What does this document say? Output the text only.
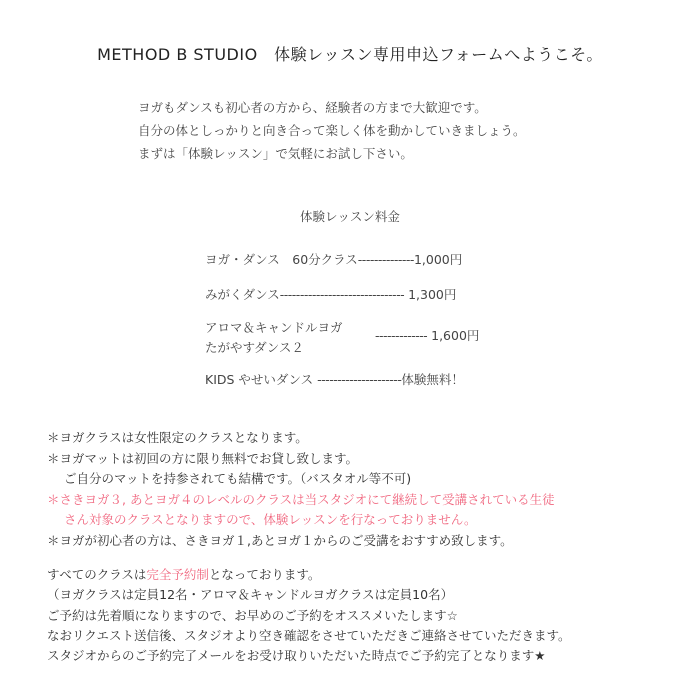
METHOD B STUDIO　体験レッスン専用申込フォームへようこそ。
ヨガもダンスも初心者の方から、経験者の方まで大歓迎です。
自分の体としっかりと向き合って楽しく体を動かしていきましょう。
まずは「体験レッスン」で気軽にお試し下さい。
体験レッスン料金
ヨガ・ダンス　60分クラス--------------1,000円
みがくダンス------------------------------- 1,300円
アロマ＆キャンドルヨガ
たがやすダンス２
------------- 1,600円
KIDS やせいダンス ---------------------体験無料！
＊ヨガクラスは女性限定のクラスとなります。
＊ヨガマットは初回の方に限り無料でお貸し致します。
ご自分のマットを持参されても結構です。（バスタオル等不可)
＊さきヨガ３, あとヨガ４のレベルのクラスは当スタジオにて継続して受講されている生徒
さん対象のクラスとなりますので、体験レッスンを行なっておりません。
＊ヨガが初心者の方は、さきヨガ１,あとヨガ１からのご受講をおすすめ致します。
すべてのクラスは完全予約制となっております。
（ヨガクラスは定員12名・アロマ＆キャンドルヨガクラスは定員10名）
ご予約は先着順になりますので、お早めのご予約をオススメいたします☆
なおリクエスト送信後、スタジオより空き確認をさせていただきご連絡させていただきます。
スタジオからのご予約完了メールをお受け取りいただいた時点でご予約完了となります★
